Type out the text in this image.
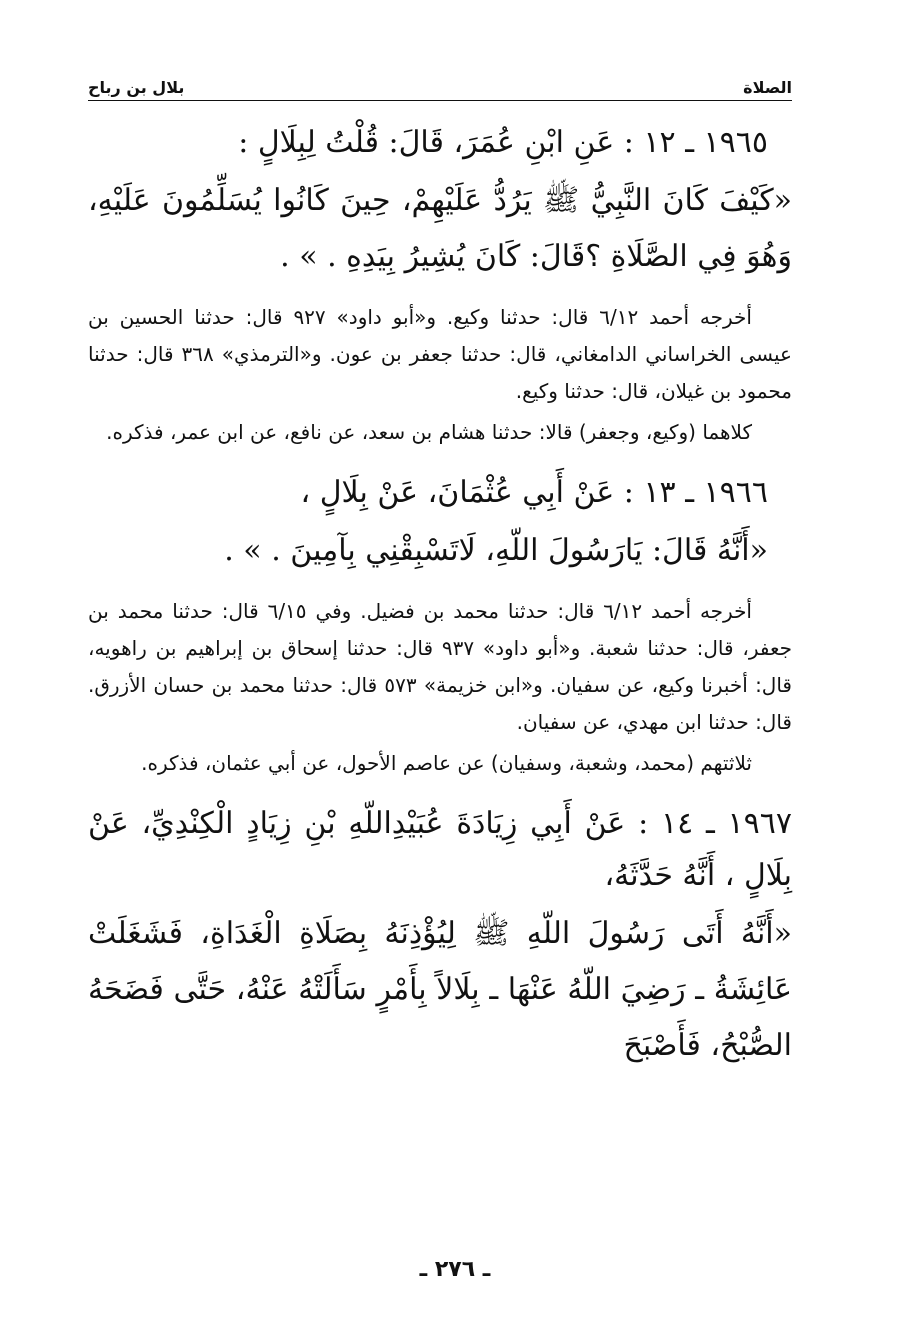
الصلاة
بلال بن رباح

١٩٦٥ ـ ١٢ : عَنِ ابْنِ عُمَرَ، قَالَ: قُلْتُ لِبِلَالٍ :

«كَيْفَ كَانَ النَّبِيُّ ﷺ يَرُدُّ عَلَيْهِمْ، حِينَ كَانُوا يُسَلِّمُونَ عَلَيْهِ، وَهُوَ فِي الصَّلَاةِ ؟قَالَ: كَانَ يُشِيرُ بِيَدِهِ . » .

أخرجه أحمد ٦/١٢ قال: حدثنا وكيع. و«أبو داود» ٩٢٧ قال: حدثنا الحسين بن عيسى الخراساني الدامغاني، قال: حدثنا جعفر بن عون. و«الترمذي» ٣٦٨ قال: حدثنا محمود بن غيلان، قال: حدثنا وكيع.

كلاهما (وكيع، وجعفر) قالا: حدثنا هشام بن سعد، عن نافع، عن ابن عمر، فذكره.

١٩٦٦ ـ ١٣ : عَنْ أَبِي عُثْمَانَ، عَنْ بِلَالٍ ،

«أَنَّهُ قَالَ: يَارَسُولَ اللّهِ، لَاتَسْبِقْنِي بِآمِينَ . » .

أخرجه أحمد ٦/١٢ قال: حدثنا محمد بن فضيل. وفي ٦/١٥ قال: حدثنا محمد بن جعفر، قال: حدثنا شعبة. و«أبو داود» ٩٣٧ قال: حدثنا إسحاق بن إبراهيم بن راهويه، قال: أخبرنا وكيع، عن سفيان. و«ابن خزيمة» ٥٧٣ قال: حدثنا محمد بن حسان الأزرق. قال: حدثنا ابن مهدي، عن سفيان.

ثلاثتهم (محمد، وشعبة، وسفيان) عن عاصم الأحول، عن أبي عثمان، فذكره.

١٩٦٧ ـ ١٤ : عَنْ أَبِي زِيَادَةَ عُبَيْدِاللّهِ بْنِ زِيَادٍ الْكِنْدِيِّ، عَنْ بِلَالٍ ، أَنَّهُ حَدَّثَهُ،

«أَنَّهُ أَتَى رَسُولَ اللّهِ ﷺ لِيُؤْذِنَهُ بِصَلَاةِ الْغَدَاةِ، فَشَغَلَتْ عَائِشَةُ ـ رَضِيَ اللّهُ عَنْهَا ـ بِلَالاً بِأَمْرٍ سَأَلَتْهُ عَنْهُ، حَتَّى فَضَحَهُ الصُّبْحُ، فَأَصْبَحَ

ـ ٢٧٦ ـ
